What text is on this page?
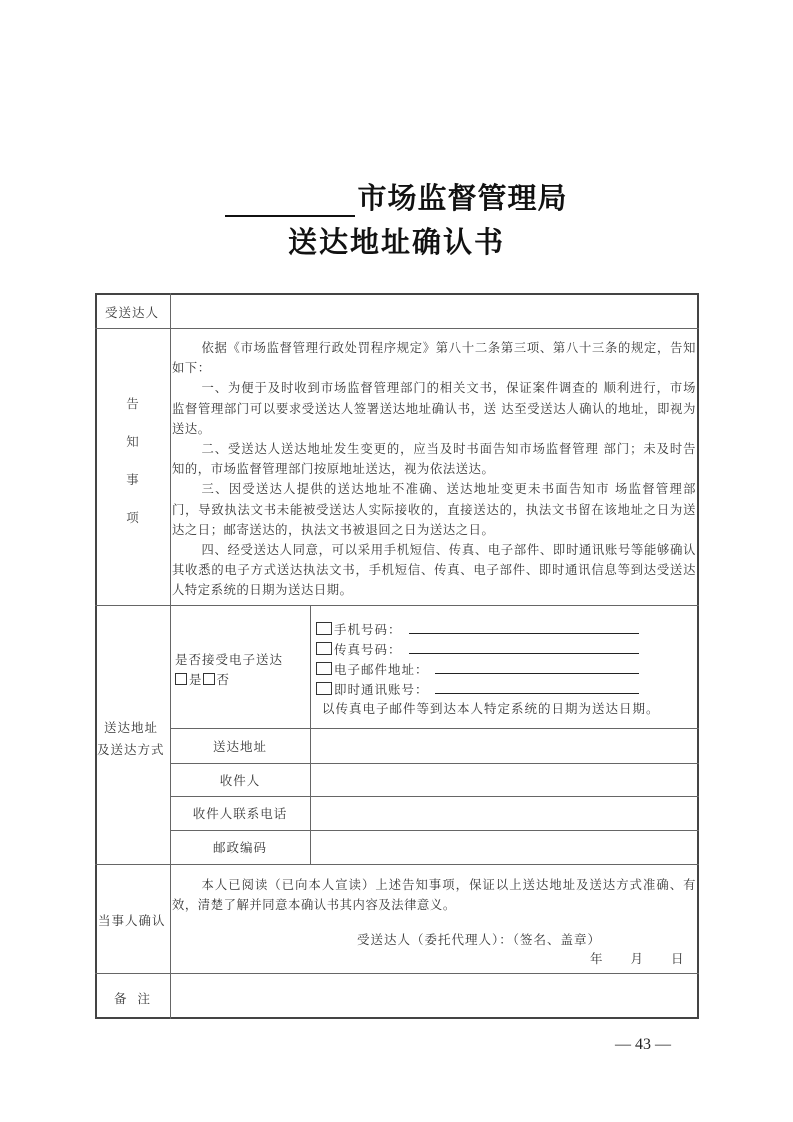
市场监督管理局
送达地址确认书
受送达人
告
知
事
项

依据《市场监督管理行政处罚程序规定》第八十二条第三项、第八十三条的规定，告知如下：

一、为便于及时收到市场监督管理部门的相关文书，保证案件调查的 顺利进行，市场监督管理部门可以要求受送达人签署送达地址确认书，送 达至受送达人确认的地址，即视为送达。

二、受送达人送达地址发生变更的，应当及时书面告知市场监督管理 部门；未及时告知的，市场监督管理部门按原地址送达，视为依法送达。

三、因受送达人提供的送达地址不准确、送达地址变更未书面告知市 场监督管理部门，导致执法文书未能被受送达人实际接收的，直接送达的，执法文书留在该地址之日为送达之日；邮寄送达的，执法文书被退回之日为送达之日。

四、经受送达人同意，可以采用手机短信、传真、电子部件、即时通讯账号等能够确认其收悉的电子方式送达执法文书，手机短信、传真、电子部件、即时通讯信息等到达受送达人特定系统的日期为送达日期。

送达地址
及送达方式
是否接受电子送达
是 否
手机号码：
传真号码：
电子邮件地址：
即时通讯账号：
以传真电子邮件等到达本人特定系统的日期为送达日期。
送达地址
收件人
收件人联系电话
邮政编码
当事人确认

本人已阅读（已向本人宣读）上述告知事项，保证以上送达地址及送达方式准确、有效，清楚了解并同意本确认书其内容及法律意义。

受送达人（委托代理人）：（签名、盖章）
年　　月　　日
备  注
— 43 —
